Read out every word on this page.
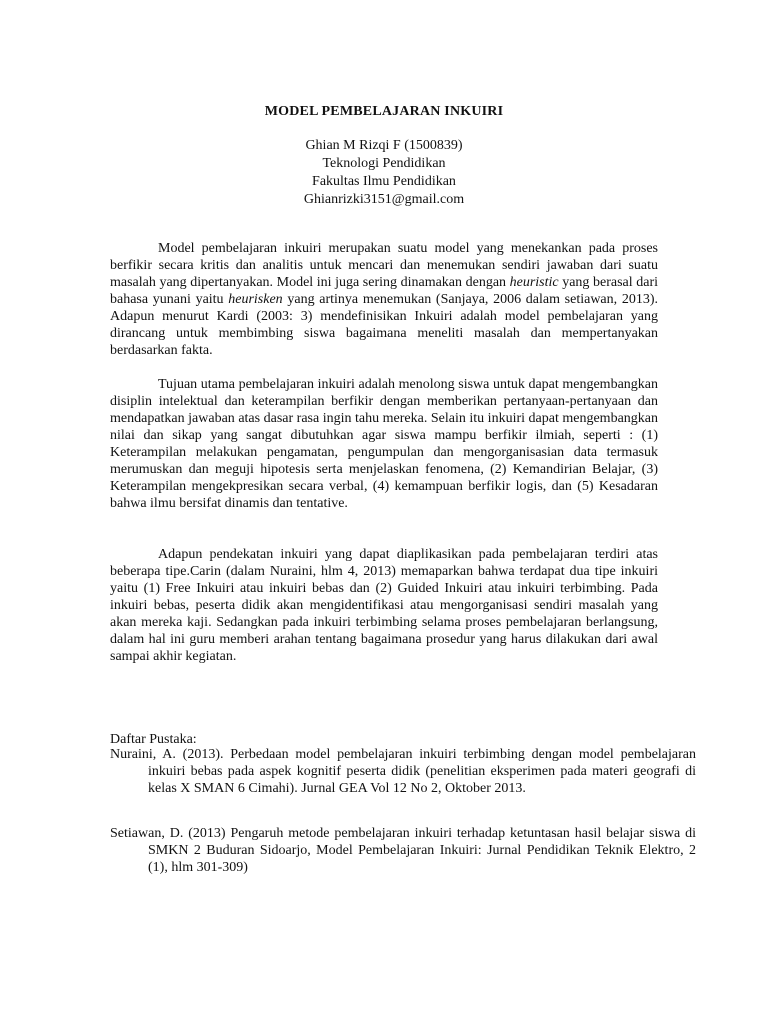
MODEL PEMBELAJARAN INKUIRI
Ghian M Rizqi F (1500839)
Teknologi Pendidikan
Fakultas Ilmu Pendidikan
Ghianrizki3151@gmail.com

Model pembelajaran inkuiri merupakan suatu model yang menekankan pada proses berfikir secara kritis dan analitis untuk mencari dan menemukan sendiri jawaban dari suatu masalah yang dipertanyakan. Model ini juga sering dinamakan dengan heuristic yang berasal dari bahasa yunani yaitu heurisken yang artinya menemukan (Sanjaya, 2006 dalam setiawan, 2013). Adapun menurut Kardi (2003: 3) mendefinisikan Inkuiri adalah model pembelajaran yang dirancang untuk membimbing siswa bagaimana meneliti masalah dan mempertanyakan berdasarkan fakta.

Tujuan utama pembelajaran inkuiri adalah menolong siswa untuk dapat mengembangkan disiplin intelektual dan keterampilan berfikir dengan memberikan pertanyaan-pertanyaan dan mendapatkan jawaban atas dasar rasa ingin tahu mereka. Selain itu inkuiri dapat mengembangkan nilai dan sikap yang sangat dibutuhkan agar siswa mampu berfikir ilmiah, seperti : (1) Keterampilan melakukan pengamatan, pengumpulan dan mengorganisasian data termasuk merumuskan dan meguji hipotesis serta menjelaskan fenomena, (2) Kemandirian Belajar, (3) Keterampilan mengekpresikan secara verbal, (4) kemampuan berfikir logis, dan (5) Kesadaran bahwa ilmu bersifat dinamis dan tentative.

Adapun pendekatan inkuiri yang dapat diaplikasikan pada pembelajaran terdiri atas beberapa tipe.Carin (dalam Nuraini, hlm 4, 2013) memaparkan bahwa terdapat dua tipe inkuiri yaitu (1) Free Inkuiri atau inkuiri bebas dan (2) Guided Inkuiri atau inkuiri terbimbing. Pada inkuiri bebas, peserta didik akan mengidentifikasi atau mengorganisasi sendiri masalah yang akan mereka kaji. Sedangkan pada inkuiri terbimbing selama proses pembelajaran berlangsung, dalam hal ini guru memberi arahan tentang bagaimana prosedur yang harus dilakukan dari awal sampai akhir kegiatan.

Daftar Pustaka:

Nuraini, A. (2013). Perbedaan model pembelajaran inkuiri terbimbing dengan model pembelajaran inkuiri bebas pada aspek kognitif peserta didik (penelitian eksperimen pada materi geografi di kelas X SMAN 6 Cimahi). Jurnal GEA Vol 12 No 2, Oktober 2013.

Setiawan, D. (2013) Pengaruh metode pembelajaran inkuiri terhadap ketuntasan hasil belajar siswa di SMKN 2 Buduran Sidoarjo, Model Pembelajaran Inkuiri: Jurnal Pendidikan Teknik Elektro, 2 (1), hlm 301-309)
